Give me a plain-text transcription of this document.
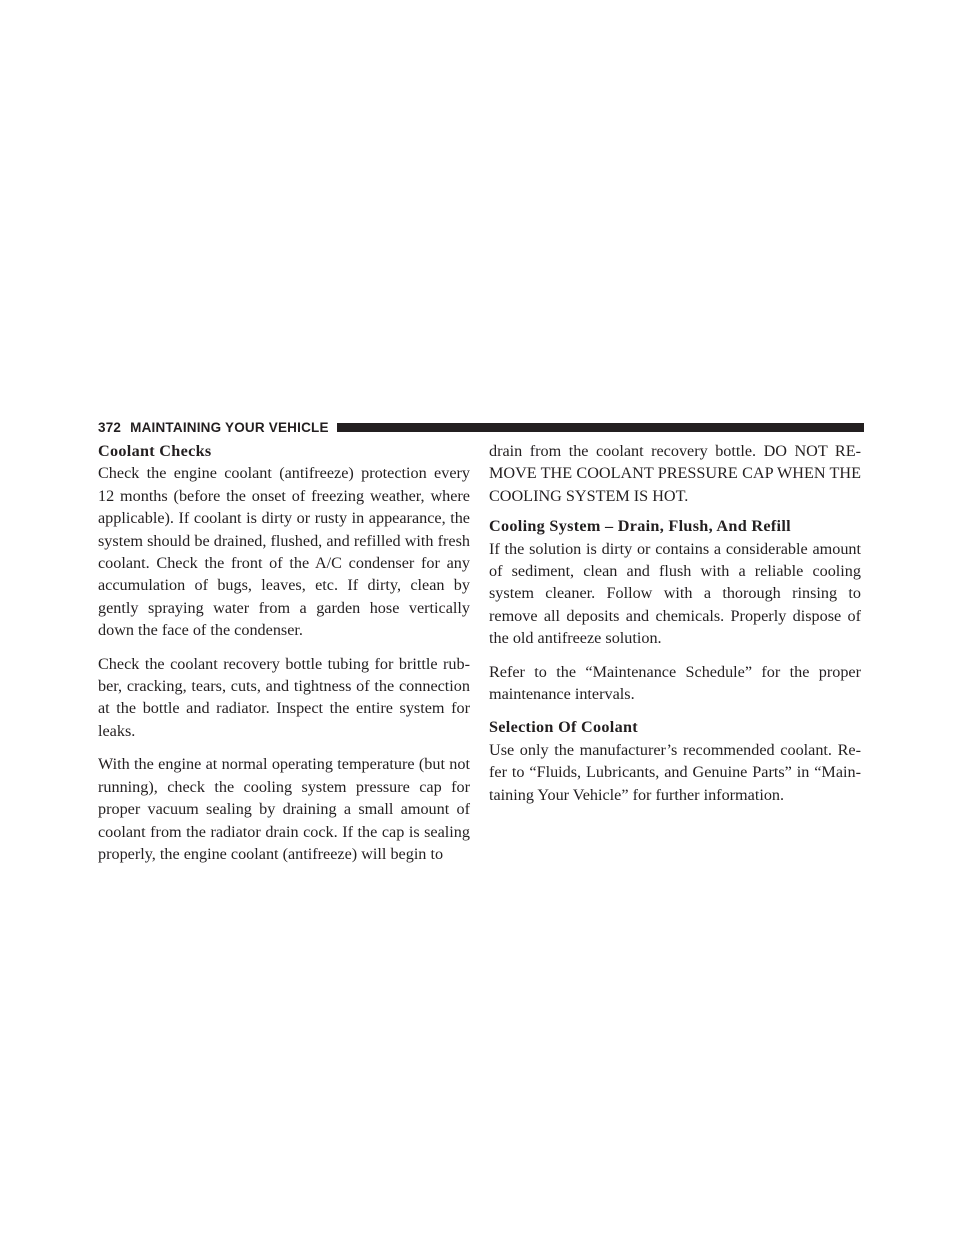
372 MAINTAINING YOUR VEHICLE
Coolant Checks

Check the engine coolant (antifreeze) protection every 12 months (before the onset of freezing weather, where applicable). If coolant is dirty or rusty in appearance, the system should be drained, flushed, and refilled with fresh coolant. Check the front of the A/C condenser for any accumulation of bugs, leaves, etc. If dirty, clean by gently spraying water from a garden hose vertically down the face of the condenser.

Check the coolant recovery bottle tubing for brittle rub-ber, cracking, tears, cuts, and tightness of the connection at the bottle and radiator. Inspect the entire system for leaks.

With the engine at normal operating temperature (but not running), check the cooling system pressure cap for proper vacuum sealing by draining a small amount of coolant from the radiator drain cock. If the cap is sealing properly, the engine coolant (antifreeze) will begin to

drain from the coolant recovery bottle. DO NOT RE-MOVE THE COOLANT PRESSURE CAP WHEN THE COOLING SYSTEM IS HOT.

Cooling System – Drain, Flush, And Refill

If the solution is dirty or contains a considerable amount of sediment, clean and flush with a reliable cooling system cleaner. Follow with a thorough rinsing to remove all deposits and chemicals. Properly dispose of the old antifreeze solution.

Refer to the “Maintenance Schedule” for the proper maintenance intervals.

Selection Of Coolant

Use only the manufacturer’s recommended coolant. Re-fer to “Fluids, Lubricants, and Genuine Parts” in “Main-taining Your Vehicle” for further information.
